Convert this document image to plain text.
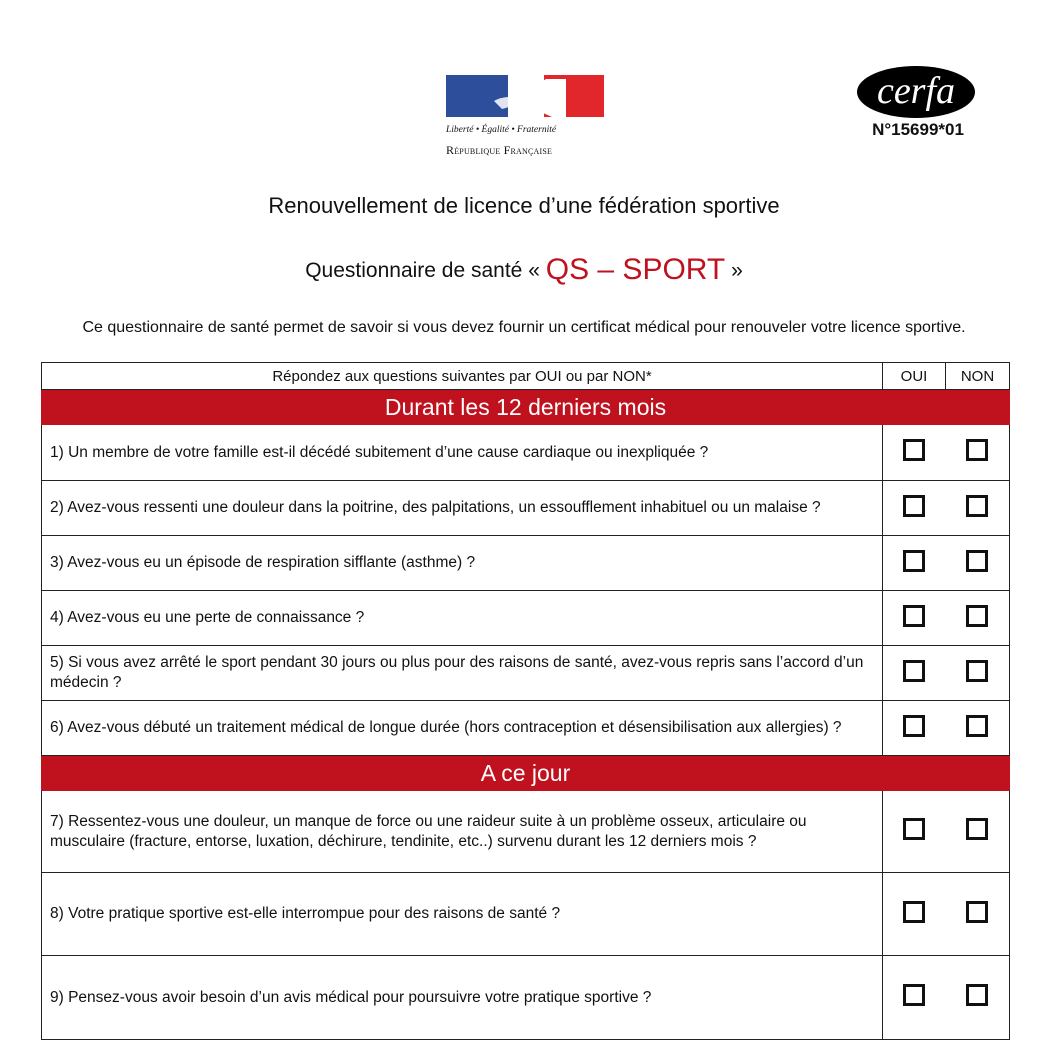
Liberté • Égalité • Fraternité
République Française
cerfa
N°15699*01
Renouvellement de licence d’une fédération sportive
Questionnaire de santé « QS – SPORT »
Ce questionnaire de santé permet de savoir si vous devez fournir un certificat médical pour renouveler votre licence sportive.
Répondez aux questions suivantes par OUI ou par NON*	OUI	NON
Durant les 12 derniers mois		
1) Un membre de votre famille est-il décédé subitement d’une cause cardiaque ou inexpliquée ?		
2) Avez-vous ressenti une douleur dans la poitrine, des palpitations, un essoufflement inhabituel ou un malaise ?		
3) Avez-vous eu un épisode de respiration sifflante (asthme) ?		
4) Avez-vous eu une perte de connaissance ?		
5) Si vous avez arrêté le sport pendant 30 jours ou plus pour des raisons de santé, avez-vous repris sans l’accord d’un médecin ?		
6) Avez-vous débuté un traitement médical de longue durée (hors contraception et désensibilisation aux allergies) ?		
A ce jour		
7) Ressentez-vous une douleur, un manque de force ou une raideur suite à un problème osseux, articulaire ou musculaire (fracture, entorse, luxation, déchirure, tendinite, etc..) survenu durant les 12 derniers mois ?		
8) Votre pratique sportive est-elle interrompue pour des raisons de santé ?		
9) Pensez-vous avoir besoin d’un avis médical pour poursuivre votre pratique sportive ?		
